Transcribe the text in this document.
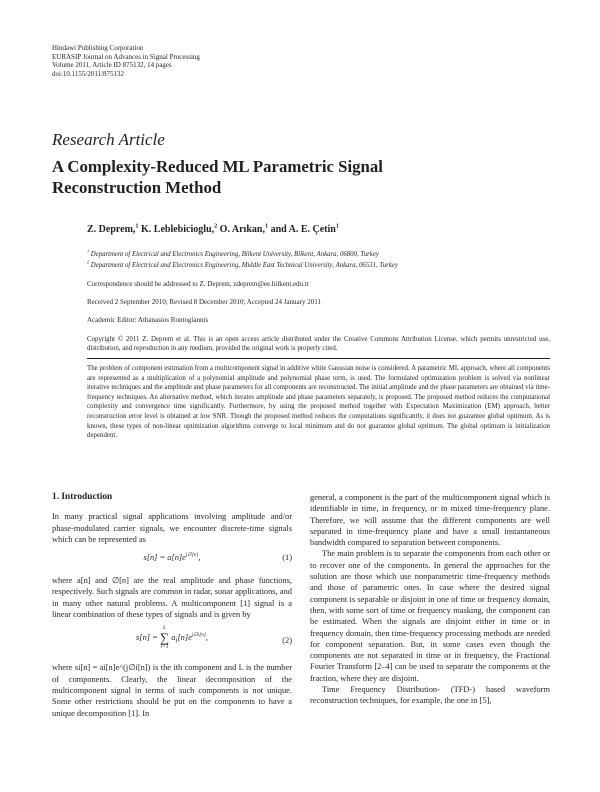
Hindawi Publishing Corporation
EURASIP Journal on Advances in Signal Processing
Volume 2011, Article ID 875132, 14 pages
doi:10.1155/2011/875132
Research Article
A Complexity-Reduced ML Parametric Signal
Reconstruction Method
Z. Deprem,$^1$ K. Leblebicioglu,$^2$ O. Arıkan,$^1$ and A. E. Çetin$^1$
$^1$ Department of Electrical and Electronics Engineering, Bilkent University, Bilkent, Ankara, 06800, Turkey
$^2$ Department of Electrical and Electronics Engineering, Middle East Technical University, Ankara, 06531, Turkey
Correspondence should be addressed to Z. Deprem, zdeprem@ee.bilkent.edu.tr
Received 2 September 2010; Revised 8 December 2010; Accepted 24 January 2011
Academic Editor: Athanasios Rontogiannis
Copyright © 2011 Z. Deprem et al. This is an open access article distributed under the Creative Commons Attribution License, which permits unrestricted use, distribution, and reproduction in any medium, provided the original work is properly cited.
The problem of component estimation from a multicomponent signal in additive white Gaussian noise is considered. A parametric ML approach, where all components are represented as a multiplication of a polynomial amplitude and polynomial phase term, is used. The formulated optimization problem is solved via nonlinear iterative techniques and the amplitude and phase parameters for all components are reconstructed. The initial amplitude and the phase parameters are obtained via time-frequency techniques. An alternative method, which iterates amplitude and phase parameters separately, is proposed. The proposed method reduces the computational complexity and convergence time significantly. Furthermore, by using the proposed method together with Expectation Maximization (EM) approach, better reconstruction error level is obtained at low SNR. Though the proposed method reduces the computations significantly, it does not guarantee global optimum. As is known, these types of non-linear optimization algorithms converge to local minimum and do not guarantee global optimum. The global optimum is initialization dependent.

1. Introduction

In many practical signal applications involving amplitude and/or phase-modulated carrier signals, we encounter discrete-time signals which can be represented as

$s[n] = a[n]e^{j\emptyset[n]}$,	(1)

where a[n] and ∅[n] are the real amplitude and phase functions, respectively. Such signals are common in radar, sonar applications, and in many other natural problems. A multicomponent [1] signal is a linear combination of these types of signals and is given by

s[n] =
L
∑
i=1
$a_i[n]e^{j\emptyset i[n]}$,	(2)

where si[n] = ai[n]e^(j∅i[n]) is the ith component and L is the number of components. Clearly, the linear decomposition of the multicomponent signal in terms of such components is not unique. Some other restrictions should be put on the components to have a unique decomposition [1]. In

general, a component is the part of the multicomponent signal which is identifiable in time, in frequency, or in mixed time-frequency plane. Therefore, we will assume that the different components are well separated in time-frequency plane and have a small instantaneous bandwidth compared to separation between components.

The main problem is to separate the components from each other or to recover one of the components. In general the approaches for the solution are those which use nonparametric time-frequency methods and those of parametric ones. In case where the desired signal component is separable or disjoint in one of time or frequency domain, then, with some sort of time or frequency masking, the component can be estimated. When the signals are disjoint either in time or in frequency domain, then time-frequency processing methods are needed for component separation. But, in some cases even though the components are not separated in time or in frequency, the Fractional Fourier Transform [2–4] can be used to separate the components at the fraction, where they are disjoint.

Time Frequency Distribution- (TFD-) based waveform reconstruction techniques, for example, the one in [5],
